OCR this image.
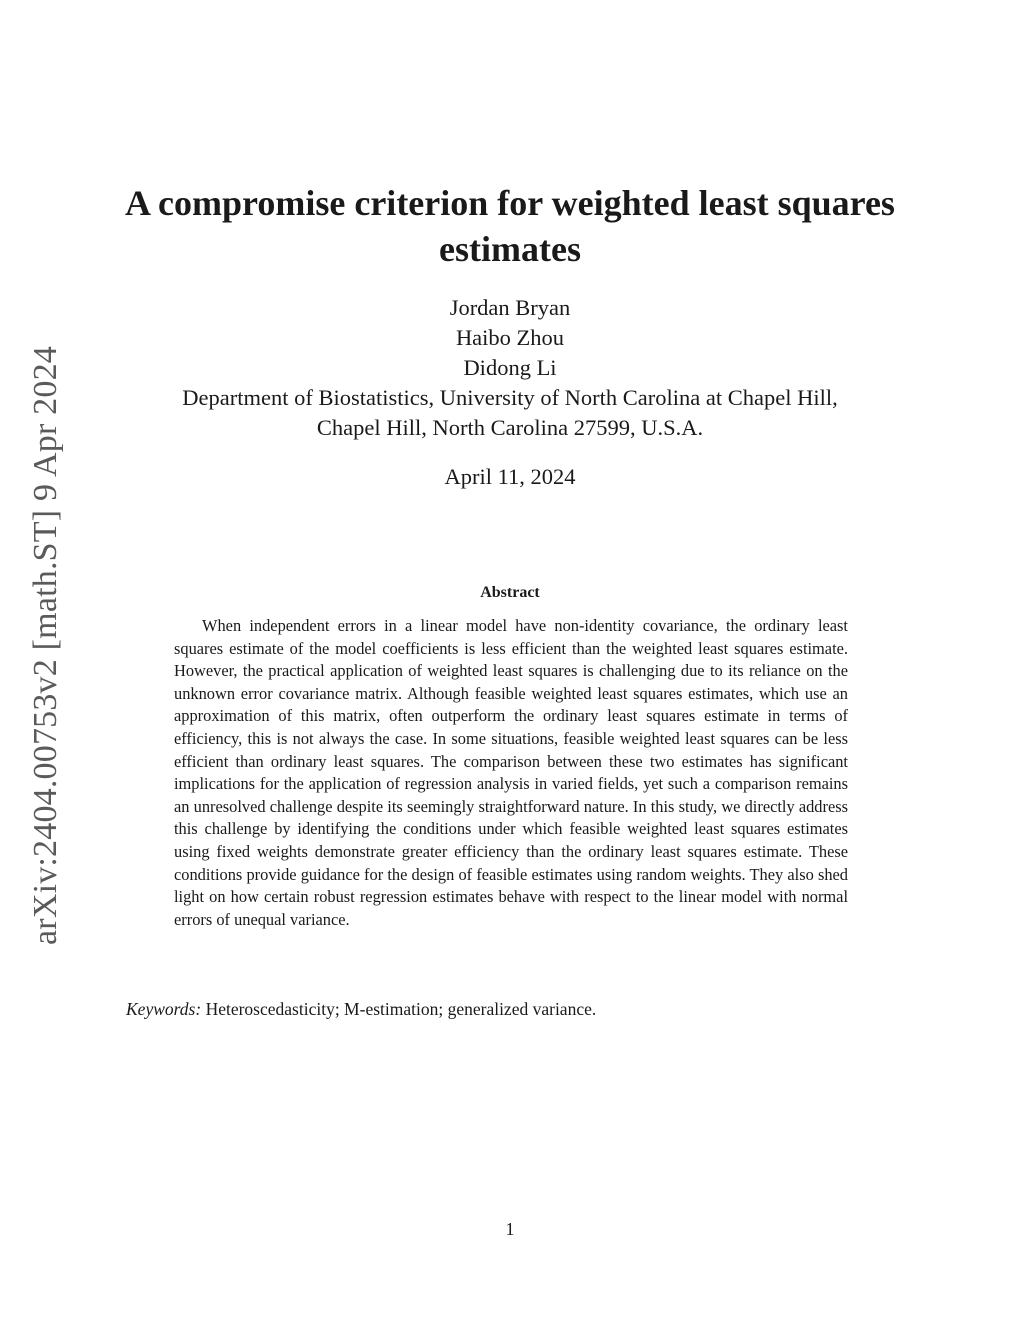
arXiv:2404.00753v2 [math.ST] 9 Apr 2024
A compromise criterion for weighted least squares estimates
Jordan Bryan
Haibo Zhou
Didong Li
Department of Biostatistics, University of North Carolina at Chapel Hill,
Chapel Hill, North Carolina 27599, U.S.A.
April 11, 2024
Abstract

When independent errors in a linear model have non-identity covariance, the ordinary least squares estimate of the model coefficients is less efficient than the weighted least squares estimate. However, the practical application of weighted least squares is challenging due to its reliance on the unknown error covariance matrix. Although feasible weighted least squares estimates, which use an approximation of this matrix, often outperform the ordinary least squares estimate in terms of efficiency, this is not always the case. In some situations, feasible weighted least squares can be less efficient than ordinary least squares. The comparison between these two estimates has significant implications for the application of regression analysis in varied fields, yet such a comparison remains an unresolved challenge despite its seemingly straightforward nature. In this study, we directly address this challenge by identifying the conditions under which feasible weighted least squares estimates using fixed weights demonstrate greater efficiency than the ordinary least squares estimate. These conditions provide guidance for the design of feasible estimates using random weights. They also shed light on how certain robust regression estimates behave with respect to the linear model with normal errors of unequal variance.

Keywords: Heteroscedasticity; M-estimation; generalized variance.
1
